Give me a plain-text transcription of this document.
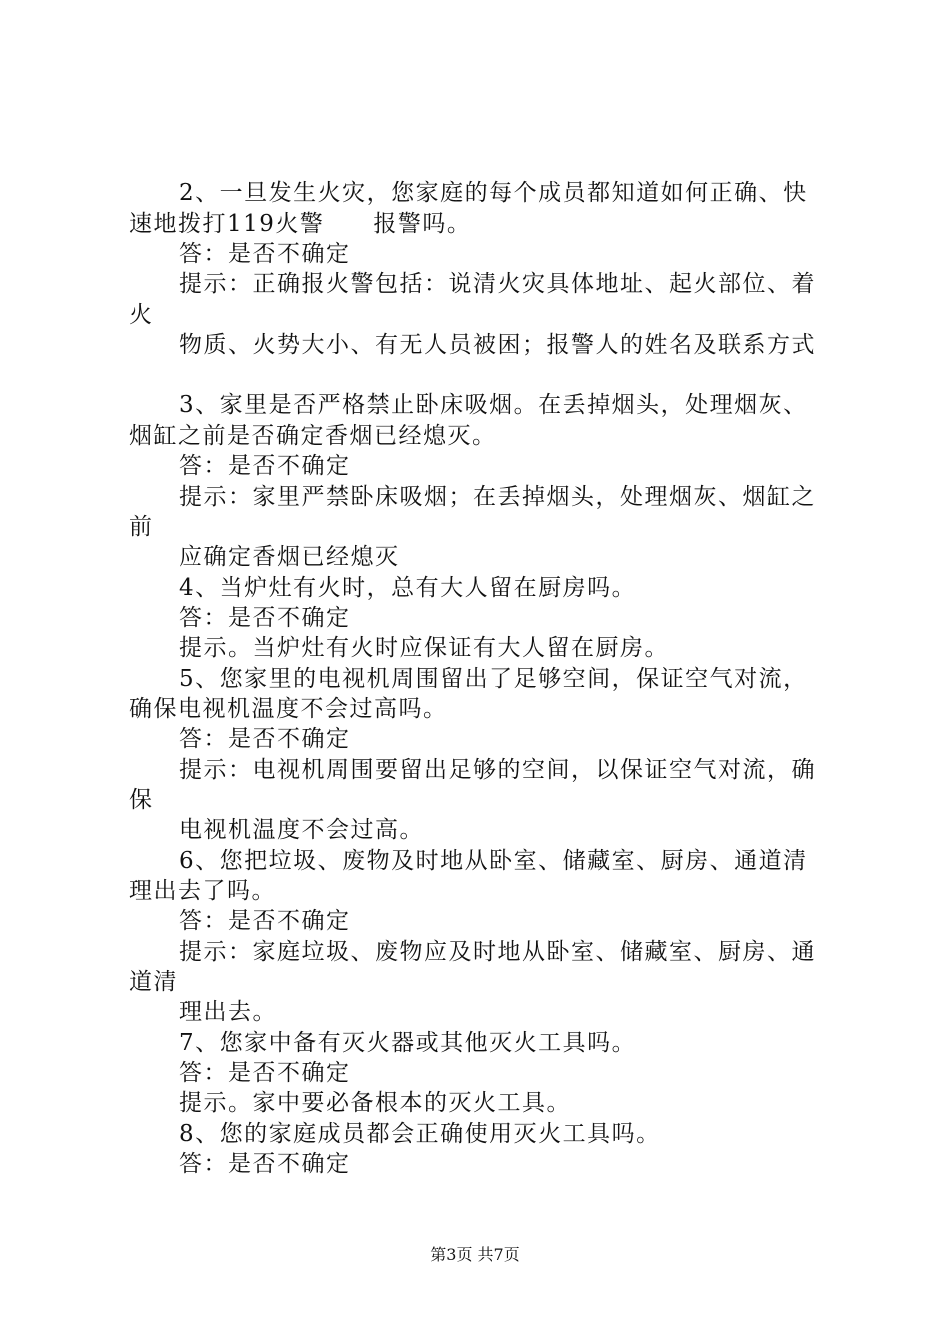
2、一旦发生火灾，您家庭的每个成员都知道如何正确、快
速地拨打119火警　　报警吗。
答：是否不确定
提示：正确报火警包括：说清火灾具体地址、起火部位、着
火
物质、火势大小、有无人员被困；报警人的姓名及联系方式
3、家里是否严格禁止卧床吸烟。在丢掉烟头，处理烟灰、
烟缸之前是否确定香烟已经熄灭。
答：是否不确定
提示：家里严禁卧床吸烟；在丢掉烟头，处理烟灰、烟缸之
前
应确定香烟已经熄灭
4、当炉灶有火时，总有大人留在厨房吗。
答：是否不确定
提示。当炉灶有火时应保证有大人留在厨房。
5、您家里的电视机周围留出了足够空间，保证空气对流，
确保电视机温度不会过高吗。
答：是否不确定
提示：电视机周围要留出足够的空间，以保证空气对流，确
保
电视机温度不会过高。
6、您把垃圾、废物及时地从卧室、储藏室、厨房、通道清
理出去了吗。
答：是否不确定
提示：家庭垃圾、废物应及时地从卧室、储藏室、厨房、通
道清
理出去。
7、您家中备有灭火器或其他灭火工具吗。
答：是否不确定
提示。家中要必备根本的灭火工具。
8、您的家庭成员都会正确使用灭火工具吗。
答：是否不确定
第3页 共7页
